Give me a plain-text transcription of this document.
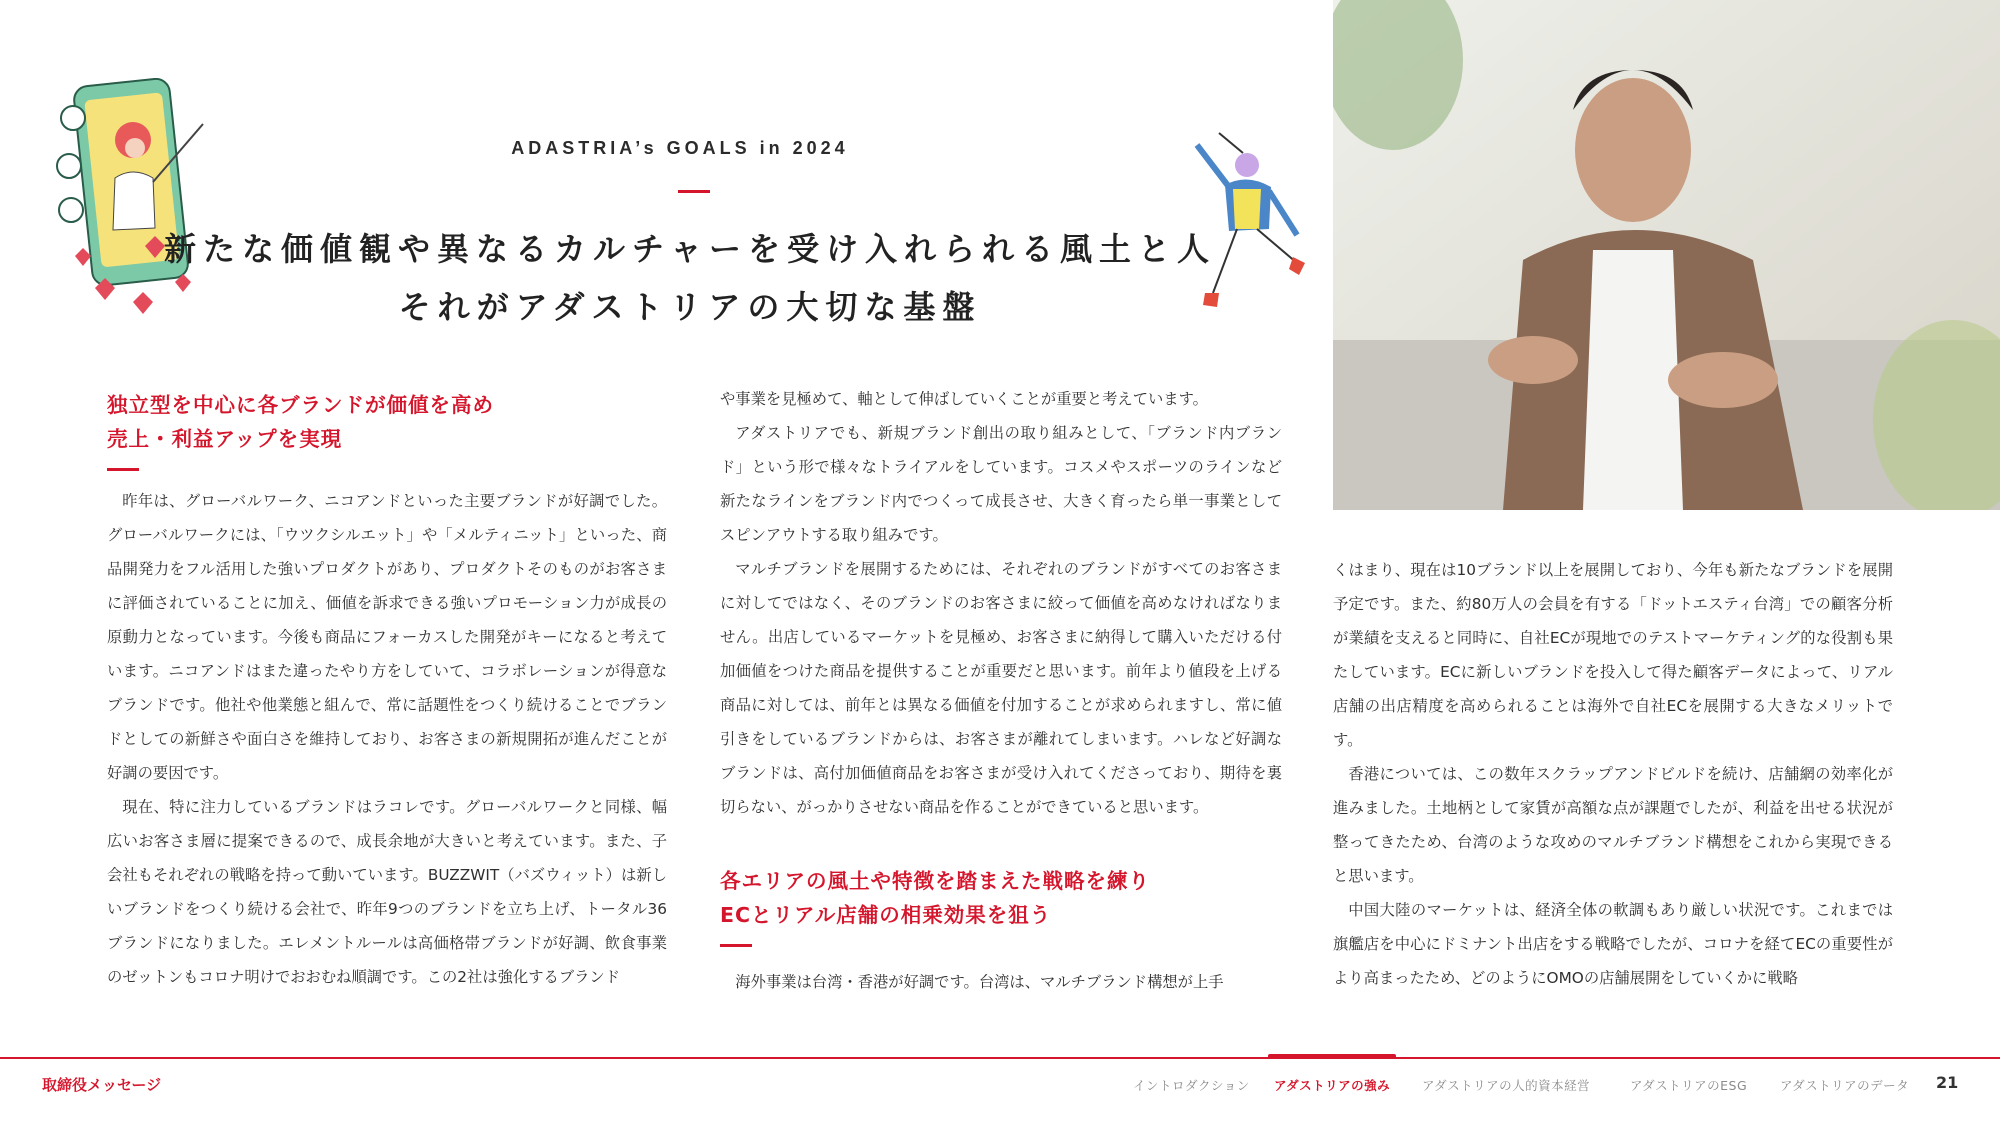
ADASTRIA’s GOALS in 2024
新たな価値観や異なるカルチャーを受け入れられる風土と人
それがアダストリアの大切な基盤
独立型を中心に各ブランドが価値を高め
売上・利益アップを実現

昨年は、グローバルワーク、ニコアンドといった主要ブランドが好調でした。グローバルワークには、「ウツクシルエット」や「メルティニット」といった、商品開発力をフル活用した強いプロダクトがあり、プロダクトそのものがお客さまに評価されていることに加え、価値を訴求できる強いプロモーション力が成長の原動力となっています。今後も商品にフォーカスした開発がキーになると考えています。ニコアンドはまた違ったやり方をしていて、コラボレーションが得意なブランドです。他社や他業態と組んで、常に話題性をつくり続けることでブランドとしての新鮮さや面白さを維持しており、お客さまの新規開拓が進んだことが好調の要因です。

現在、特に注力しているブランドはラコレです。グローバルワークと同様、幅広いお客さま層に提案できるので、成長余地が大きいと考えています。また、子会社もそれぞれの戦略を持って動いています。BUZZWIT（バズウィット）は新しいブランドをつくり続ける会社で、昨年9つのブランドを立ち上げ、トータル36ブランドになりました。エレメントルールは高価格帯ブランドが好調、飲食事業のゼットンもコロナ明けでおおむね順調です。この2社は強化するブランド

や事業を見極めて、軸として伸ばしていくことが重要と考えています。

アダストリアでも、新規ブランド創出の取り組みとして、「ブランド内ブランド」という形で様々なトライアルをしています。コスメやスポーツのラインなど新たなラインをブランド内でつくって成長させ、大きく育ったら単一事業としてスピンアウトする取り組みです。

マルチブランドを展開するためには、それぞれのブランドがすべてのお客さまに対してではなく、そのブランドのお客さまに絞って価値を高めなければなりません。出店しているマーケットを見極め、お客さまに納得して購入いただける付加価値をつけた商品を提供することが重要だと思います。前年より値段を上げる商品に対しては、前年とは異なる価値を付加することが求められますし、常に値引きをしているブランドからは、お客さまが離れてしまいます。ハレなど好調なブランドは、高付加価値商品をお客さまが受け入れてくださっており、期待を裏切らない、がっかりさせない商品を作ることができていると思います。

各エリアの風土や特徴を踏まえた戦略を練り
ECとリアル店舗の相乗効果を狙う

海外事業は台湾・香港が好調です。台湾は、マルチブランド構想が上手

くはまり、現在は10ブランド以上を展開しており、今年も新たなブランドを展開予定です。また、約80万人の会員を有する「ドットエスティ台湾」での顧客分析が業績を支えると同時に、自社ECが現地でのテストマーケティング的な役割も果たしています。ECに新しいブランドを投入して得た顧客データによって、リアル店舗の出店精度を高められることは海外で自社ECを展開する大きなメリットです。

香港については、この数年スクラップアンドビルドを続け、店舗網の効率化が進みました。土地柄として家賃が高額な点が課題でしたが、利益を出せる状況が整ってきたため、台湾のような攻めのマルチブランド構想をこれから実現できると思います。

中国大陸のマーケットは、経済全体の軟調もあり厳しい状況です。これまでは旗艦店を中心にドミナント出店をする戦略でしたが、コロナを経てECの重要性がより高まったため、どのようにOMOの店舗展開をしていくかに戦略

取締役メッセージ	イントロダクション アダストリアの強み	アダストリアの人的資本経営	アダストリアのESG	アダストリアのデータ 21
